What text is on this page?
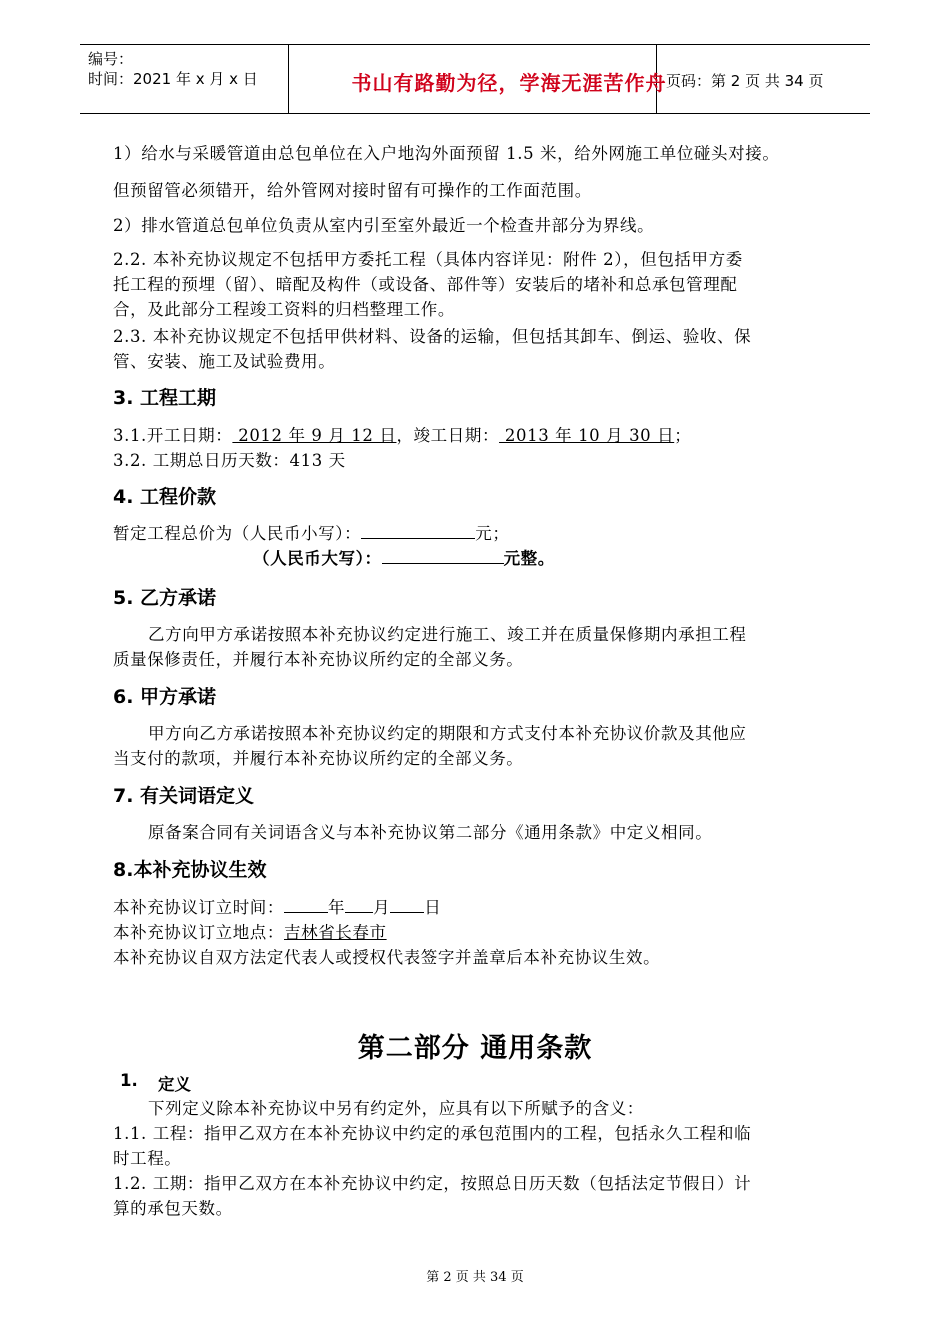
编号：
时间：2021 年 x 月 x 日	书山有路勤为径，学海无涯苦作舟 页码：第 2 页 共 34 页
1）给水与采暖管道由总包单位在入户地沟外面预留 1.5 米，给外网施工单位碰头对接。
但预留管必须错开，给外管网对接时留有可操作的工作面范围。
2）排水管道总包单位负责从室内引至室外最近一个检查井部分为界线。
2.2. 本补充协议规定不包括甲方委托工程（具体内容详见：附件 2），但包括甲方委
托工程的预埋（留）、暗配及构件（或设备、部件等）安装后的堵补和总承包管理配
合，及此部分工程竣工资料的归档整理工作。
2.3. 本补充协议规定不包括甲供材料、设备的运输，但包括其卸车、倒运、验收、保
管、安装、施工及试验费用。
3. 工程工期
3.1.开工日期： 2012 年 9 月 12 日，竣工日期： 2013 年 10 月 30 日；
3.2. 工期总日历天数：413 天
4. 工程价款
暂定工程总价为（人民币小写）：	元；
（人民币大写）：	元整。
5. 乙方承诺
乙方向甲方承诺按照本补充协议约定进行施工、竣工并在质量保修期内承担工程
质量保修责任，并履行本补充协议所约定的全部义务。
6. 甲方承诺
甲方向乙方承诺按照本补充协议约定的期限和方式支付本补充协议价款及其他应
当支付的款项，并履行本补充协议所约定的全部义务。
7. 有关词语定义
原备案合同有关词语含义与本补充协议第二部分《通用条款》中定义相同。
8.本补充协议生效
本补充协议订立时间：	年 月 日
本补充协议订立地点：吉林省长春市
本补充协议自双方法定代表人或授权代表签字并盖章后本补充协议生效。
第二部分 通用条款
1. 定义
下列定义除本补充协议中另有约定外，应具有以下所赋予的含义：
1.1. 工程：指甲乙双方在本补充协议中约定的承包范围内的工程，包括永久工程和临
时工程。
1.2. 工期：指甲乙双方在本补充协议中约定，按照总日历天数（包括法定节假日）计
算的承包天数。
第 2 页 共 34 页
